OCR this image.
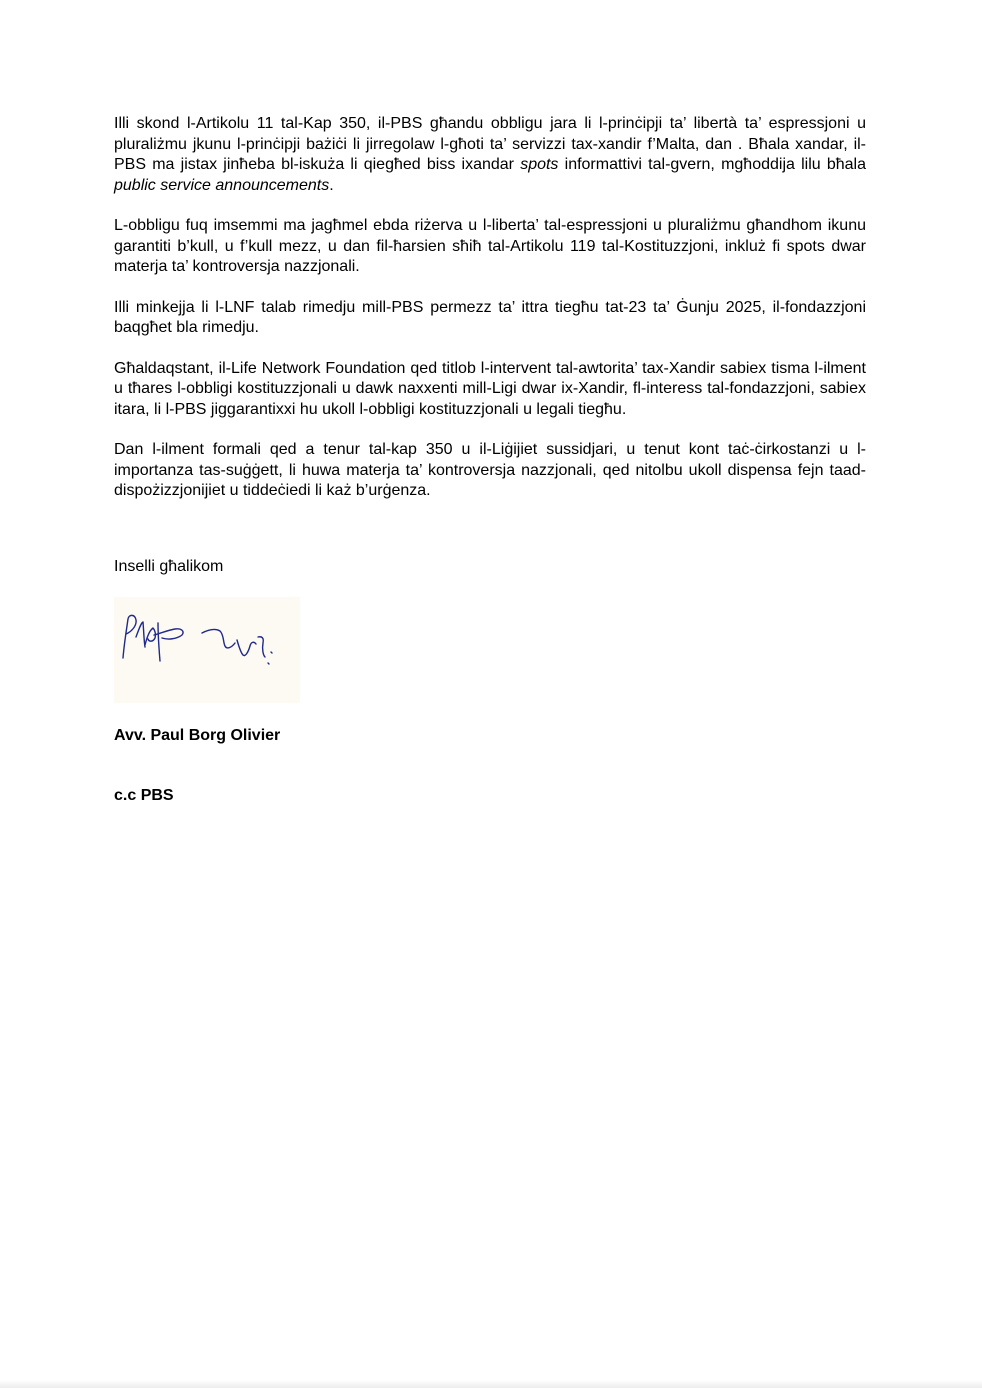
Illi skond l-Artikolu 11 tal-Kap 350, il-PBS għandu obbligu jara li l-prinċipji ta’ libertà ta’ espressjoni u pluraliżmu jkunu l-prinċipji bażiċi li jirregolaw l-għoti ta’ servizzi tax-xandir f’Malta, dan . Bħala xandar, il-PBS ma jistax jinħeba bl-iskuża li qiegħed biss ixandar spots informattivi tal-gvern, mgħoddija lilu bħala public service announcements.

L-obbligu fuq imsemmi ma jagħmel ebda riżerva u l-liberta’ tal-espressjoni u pluraliżmu għandhom ikunu garantiti b’kull, u f’kull mezz, u dan fil-ħarsien sħiħ tal-Artikolu 119 tal-Kostituzzjoni, inkluż fi spots dwar materja ta’ kontroversja nazzjonali.

Illi minkejja li l-LNF talab rimedju mill-PBS permezz ta’ ittra tiegħu tat-23 ta’ Ġunju 2025, il-fondazzjoni baqgħet bla rimedju.

Għaldaqstant, il-Life Network Foundation qed titlob l-intervent tal-awtorita’ tax-Xandir sabiex tisma l-ilment u tħares l-obbligi kostituzzjonali u dawk naxxenti mill-Ligi dwar ix-Xandir, fl-interess tal-fondazzjoni, sabiex itara, li l-PBS jiggarantixxi hu ukoll l-obbligi kostituzzjonali u legali tiegħu.

Dan l-ilment formali qed a tenur tal-kap 350 u il-Liġijiet sussidjari, u tenut kont taċ-ċirkostanzi u l-importanza tas-suġġett, li huwa materja ta’ kontroversja nazzjonali, qed nitolbu ukoll dispensa fejn taad-dispożizzjonijiet u tiddeċiedi li każ b’urġenza.

Inselli għalikom

Avv. Paul Borg Olivier

c.c PBS
